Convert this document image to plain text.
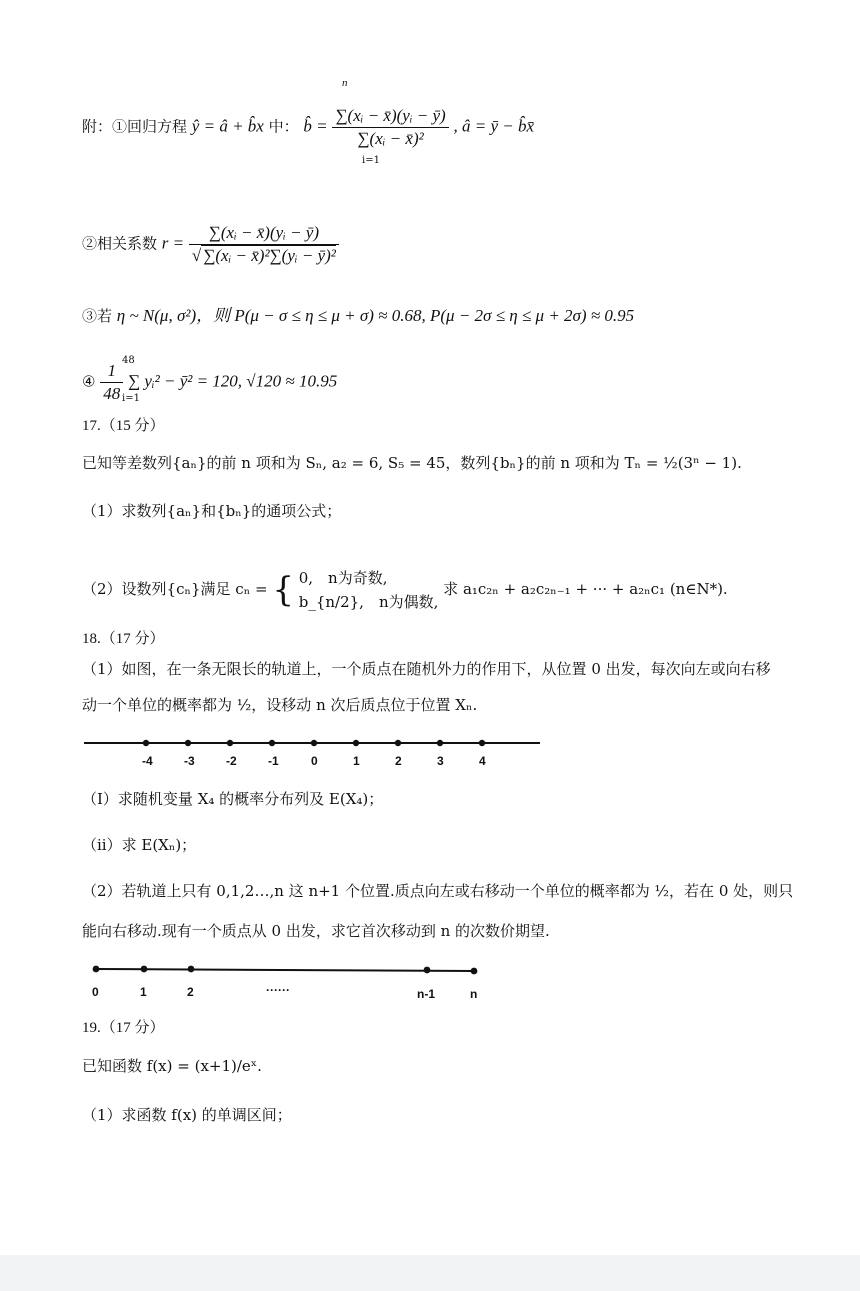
n
附：①回归方程 ŷ = â + b̂x 中： b̂ = $\frac{\text{∑(xᵢ − x̄)(yᵢ − ȳ)}}{\text{∑(xᵢ − x̄)²}}$ , â = ȳ − b̂x̄
②相关系数 $r = \frac{\text{∑(xᵢ − x̄)(yᵢ − ȳ)}}{\text{√ ∑(xᵢ − x̄)²∑(yᵢ − ȳ)²}}$
③若 η ~ N(μ, σ²)，则 P(μ − σ ≤ η ≤ μ + σ) ≈ 0.68, P(μ − 2σ ≤ η ≤ μ + 2σ) ≈ 0.95
④ $\frac{1}{48}$ ∑ yᵢ² − ȳ² = 120, √120 ≈ 10.95
48
i=1
i=1
17.（15 分）
已知等差数列{aₙ}的前 n 项和为 Sₙ, a₂ = 6, S₅ = 45，数列{bₙ}的前 n 项和为 Tₙ = ½(3ⁿ − 1).
（1）求数列{aₙ}和{bₙ}的通项公式；
（2）设数列{cₙ}满足 cₙ = { 0,　n为奇数,
b_{n/2},　n为偶数,
求 a₁c₂ₙ + a₂c₂ₙ₋₁ + ··· + a₂ₙc₁ (n∈N*).
18.（17 分）
（1）如图，在一条无限长的轨道上，一个质点在随机外力的作用下，从位置 0 出发，每次向左或向右移
动一个单位的概率都为 ½，设移动 n 次后质点位于位置 Xₙ.
-4	-3	-2	-1	0	1	2	3	4
（I）求随机变量 X₄ 的概率分布列及 E(X₄)；
（ii）求 E(Xₙ)；
（2）若轨道上只有 0,1,2…,n 这 n+1 个位置.质点向左或右移动一个单位的概率都为 ½，若在 0 处，则只
能向右移动.现有一个质点从 0 出发，求它首次移动到 n 的次数价期望.
0	1	2	······	n-1	n
19.（17 分）
已知函数 f(x) = (x+1)/eˣ.
（1）求函数 f(x) 的单调区间；
